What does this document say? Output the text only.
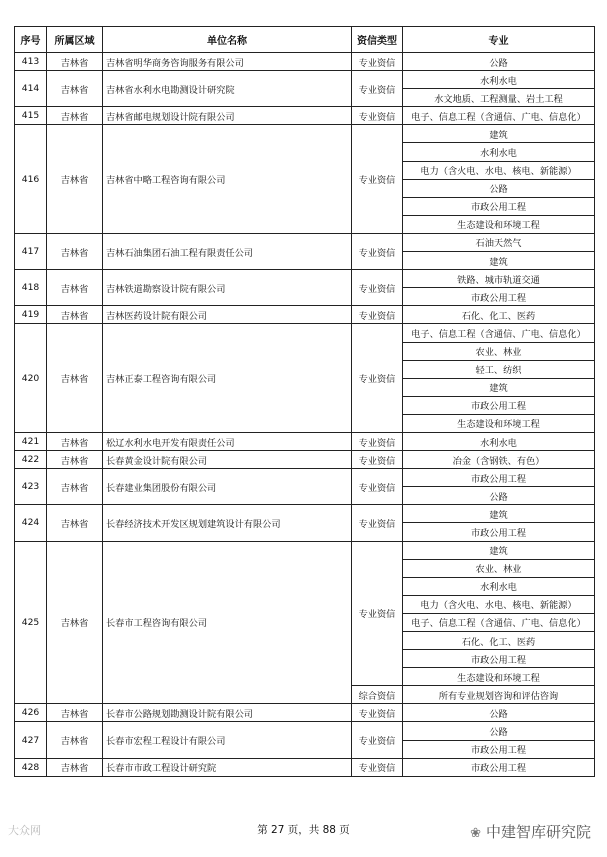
序号	所属区域	单位名称	资信类型	专业
413	吉林省	吉林省明华商务咨询服务有限公司	专业资信	公路
414	吉林省	吉林省水利水电勘测设计研究院	专业资信	水利水电
				水文地质、工程测量、岩土工程
415	吉林省	吉林省邮电规划设计院有限公司	专业资信	电子、信息工程（含通信、广电、信息化）
416	吉林省	吉林省中略工程咨询有限公司	专业资信	建筑
				水利水电
				电力（含火电、水电、核电、新能源）
				公路
				市政公用工程
				生态建设和环境工程
417	吉林省	吉林石油集团石油工程有限责任公司	专业资信	石油天然气
				建筑
418	吉林省	吉林铁道勘察设计院有限公司	专业资信	铁路、城市轨道交通
				市政公用工程
419	吉林省	吉林医药设计院有限公司	专业资信	石化、化工、医药
420	吉林省	吉林正泰工程咨询有限公司	专业资信	电子、信息工程（含通信、广电、信息化）
				农业、林业
				轻工、纺织
				建筑
				市政公用工程
				生态建设和环境工程
421	吉林省	松辽水利水电开发有限责任公司	专业资信	水利水电
422	吉林省	长春黄金设计院有限公司	专业资信	冶金（含钢铁、有色）
423	吉林省	长春建业集团股份有限公司	专业资信	市政公用工程
				公路
424	吉林省	长春经济技术开发区规划建筑设计有限公司	专业资信	建筑
				市政公用工程
425	吉林省	长春市工程咨询有限公司	专业资信	建筑
				农业、林业
				水利水电
				电力（含火电、水电、核电、新能源）
				电子、信息工程（含通信、广电、信息化）
				石化、化工、医药
				市政公用工程
				生态建设和环境工程
			综合资信	所有专业规划咨询和评估咨询
426	吉林省	长春市公路规划勘测设计院有限公司	专业资信	公路
427	吉林省	长春市宏程工程设计有限公司	专业资信	公路
				市政公用工程
428	吉林省	长春市市政工程设计研究院	专业资信	市政公用工程
第 27 页，共 88 页
大众网	❀ 中建智库研究院
